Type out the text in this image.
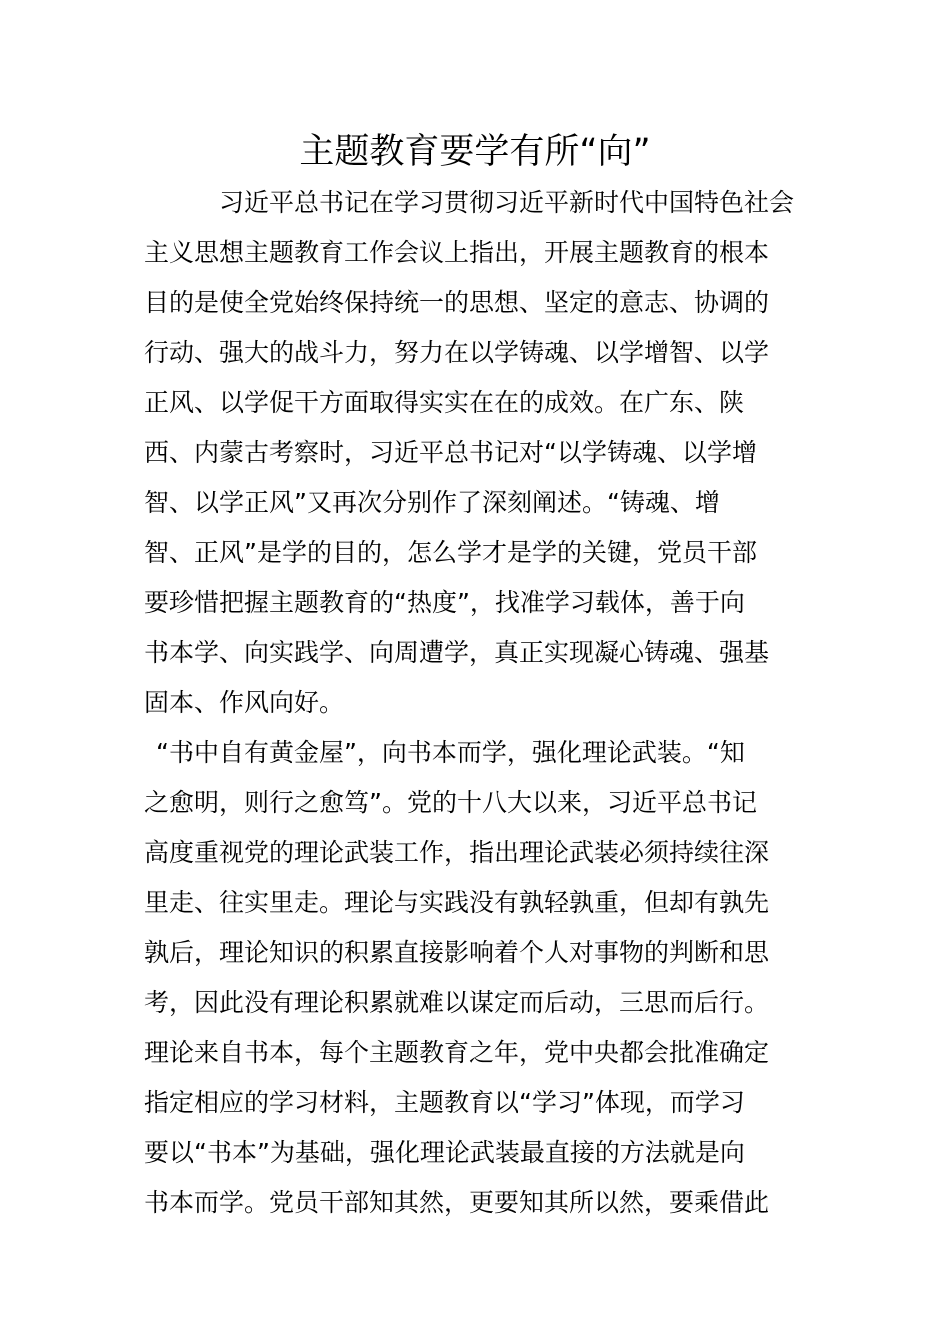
主题教育要学有所“向”
习近平总书记在学习贯彻习近平新时代中国特色社会
主义思想主题教育工作会议上指出，开展主题教育的根本
目的是使全党始终保持统一的思想、坚定的意志、协调的
行动、强大的战斗力，努力在以学铸魂、以学增智、以学
正风、以学促干方面取得实实在在的成效。在广东、陕
西、内蒙古考察时，习近平总书记对“以学铸魂、以学增
智、以学正风”又再次分别作了深刻阐述。“铸魂、增
智、正风”是学的目的，怎么学才是学的关键，党员干部
要珍惜把握主题教育的“热度”，找准学习载体，善于向
书本学、向实践学、向周遭学，真正实现凝心铸魂、强基
固本、作风向好。
“书中自有黄金屋”，向书本而学，强化理论武装。“知
之愈明，则行之愈笃”。党的十八大以来，习近平总书记
高度重视党的理论武装工作，指出理论武装必须持续往深
里走、往实里走。理论与实践没有孰轻孰重，但却有孰先
孰后，理论知识的积累直接影响着个人对事物的判断和思
考，因此没有理论积累就难以谋定而后动，三思而后行。
理论来自书本，每个主题教育之年，党中央都会批准确定
指定相应的学习材料，主题教育以“学习”体现，而学习
要以“书本”为基础，强化理论武装最直接的方法就是向
书本而学。党员干部知其然，更要知其所以然，要乘借此
